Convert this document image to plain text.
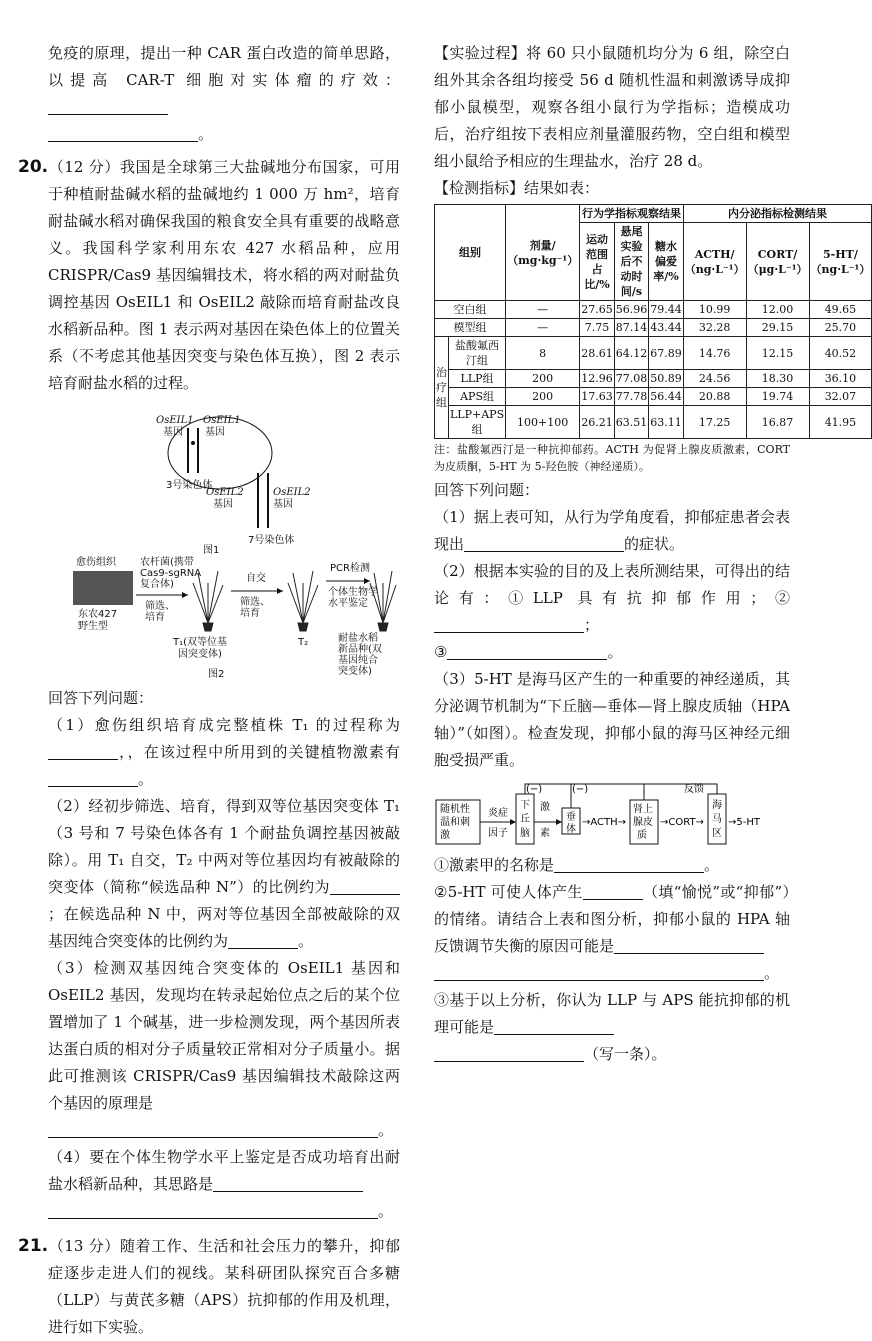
免疫的原理，提出一种 CAR 蛋白改造的简单思路，以提高 CAR-T 细胞对实体瘤的疗效：

。

20.（12 分）我国是全球第三大盐碱地分布国家，可用于种植耐盐碱水稻的盐碱地约 1 000 万 hm²，培育耐盐碱水稻对确保我国的粮食安全具有重要的战略意义。我国科学家利用东农 427 水稻品种，应用 CRISPR/Cas9 基因编辑技术，将水稻的两对耐盐负调控基因 OsEIL1 和 OsEIL2 敲除而培育耐盐改良水稻新品种。图 1 表示两对基因在染色体上的位置关系（不考虑其他基因突变与染色体互换），图 2 表示培育耐盐水稻的过程。

OsEIL1 OsEIL1
基因 基因
3号染色体
OsEIL2	OsEIL2
基因	基因
7号染色体
图1
愈伤组织
东农427
野生型
农杆菌(携带
Cas9-sgRNA
复合体)
筛选、
培育
T₁(双等位基
因突变体)
自交
筛选、
培育
T₂
PCR检测
个体生物学
水平鉴定
耐盐水稻
新品种(双
基因纯合
突变体)
图2

回答下列问题：

（1）愈伤组织培育成完整植株 T₁ 的过程称为，，在该过程中所用到的关键植物激素有。

（2）经初步筛选、培育，得到双等位基因突变体 T₁（3 号和 7 号染色体各有 1 个耐盐负调控基因被敲除）。用 T₁ 自交，T₂ 中两对等位基因均有被敲除的突变体（简称“候选品种 N”）的比例约为；在候选品种 N 中，两对等位基因全部被敲除的双基因纯合突变体的比例约为	。

（3）检测双基因纯合突变体的 OsEIL1 基因和OsEIL2 基因，发现均在转录起始位点之后的某个位置增加了 1 个碱基，进一步检测发现，两个基因所表达蛋白质的相对分子质量较正常相对分子质量小。据此可推测该 CRISPR/Cas9 基因编辑技术敲除这两个基因的原理是

。

（4）要在个体生物学水平上鉴定是否成功培育出耐盐水稻新品种，其思路是

。

21.（13 分）随着工作、生活和社会压力的攀升，抑郁症逐步走进人们的视线。某科研团队探究百合多糖（LLP）与黄芪多糖（APS）抗抑郁的作用及机理，进行如下实验。

【实验过程】将 60 只小鼠随机均分为 6 组，除空白组外其余各组均接受 56 d 随机性温和刺激诱导成抑郁小鼠模型，观察各组小鼠行为学指标；造模成功后，治疗组按下表相应剂量灌服药物，空白组和模型组小鼠给予相应的生理盐水，治疗 28 d。

【检测指标】结果如表：

组别		剂量/（mg·kg⁻¹）	行为学指标观察结果			内分泌指标检测结果		
			运动范围占比/%	悬尾实验后不动时间/s	糖水偏爱率/%	ACTH/（ng·L⁻¹）	CORT/（μg·L⁻¹）	5-HT/（ng·L⁻¹）
空白组		—	27.65	56.96	79.44	10.99	12.00	49.65
模型组		—	7.75	87.14	43.44	32.28	29.15	25.70
治疗组	盐酸氟西汀组	8	28.61	64.12	67.89	14.76	12.15	40.52
	LLP组	200	12.96	77.08	50.89	24.56	18.30	36.10
	APS组	200	17.63	77.78	56.44	20.88	19.74	32.07
	LLP+APS组	100+100	26.21	63.51	63.11	17.25	16.87	41.95

注：盐酸氟西汀是一种抗抑郁药。ACTH 为促肾上腺皮质激素，CORT 为皮质酮，5-HT 为 5-羟色胺（神经递质）。

回答下列问题：

（1）据上表可知，从行为学角度看，抑郁症患者会表现出	的症状。

（2）根据本实验的目的及上表所测结果，可得出的结论有：①LLP 具有抗抑郁作用；②；

③	。

（3）5-HT 是海马区产生的一种重要的神经递质，其分泌调节机制为“下丘脑—垂体—肾上腺皮质轴（HPA 轴）”（如图）。检查发现，抑郁小鼠的海马区神经元细胞受损严重。

随机性
温和刺
激
炎症
因子
下
丘
脑
激
素
垂
体
→ACTH→
肾上
腺皮
质
→CORT→
海
马
区
→5-HT
(−)	(−)	反馈

①激素甲的名称是	。

②5-HT 可使人体产生	（填“愉悦”或“抑郁”）的情绪。请结合上表和图分析，抑郁小鼠的 HPA 轴反馈调节失衡的原因可能是

。

③基于以上分析，你认为 LLP 与 APS 能抗抑郁的机理可能是

（写一条）。
